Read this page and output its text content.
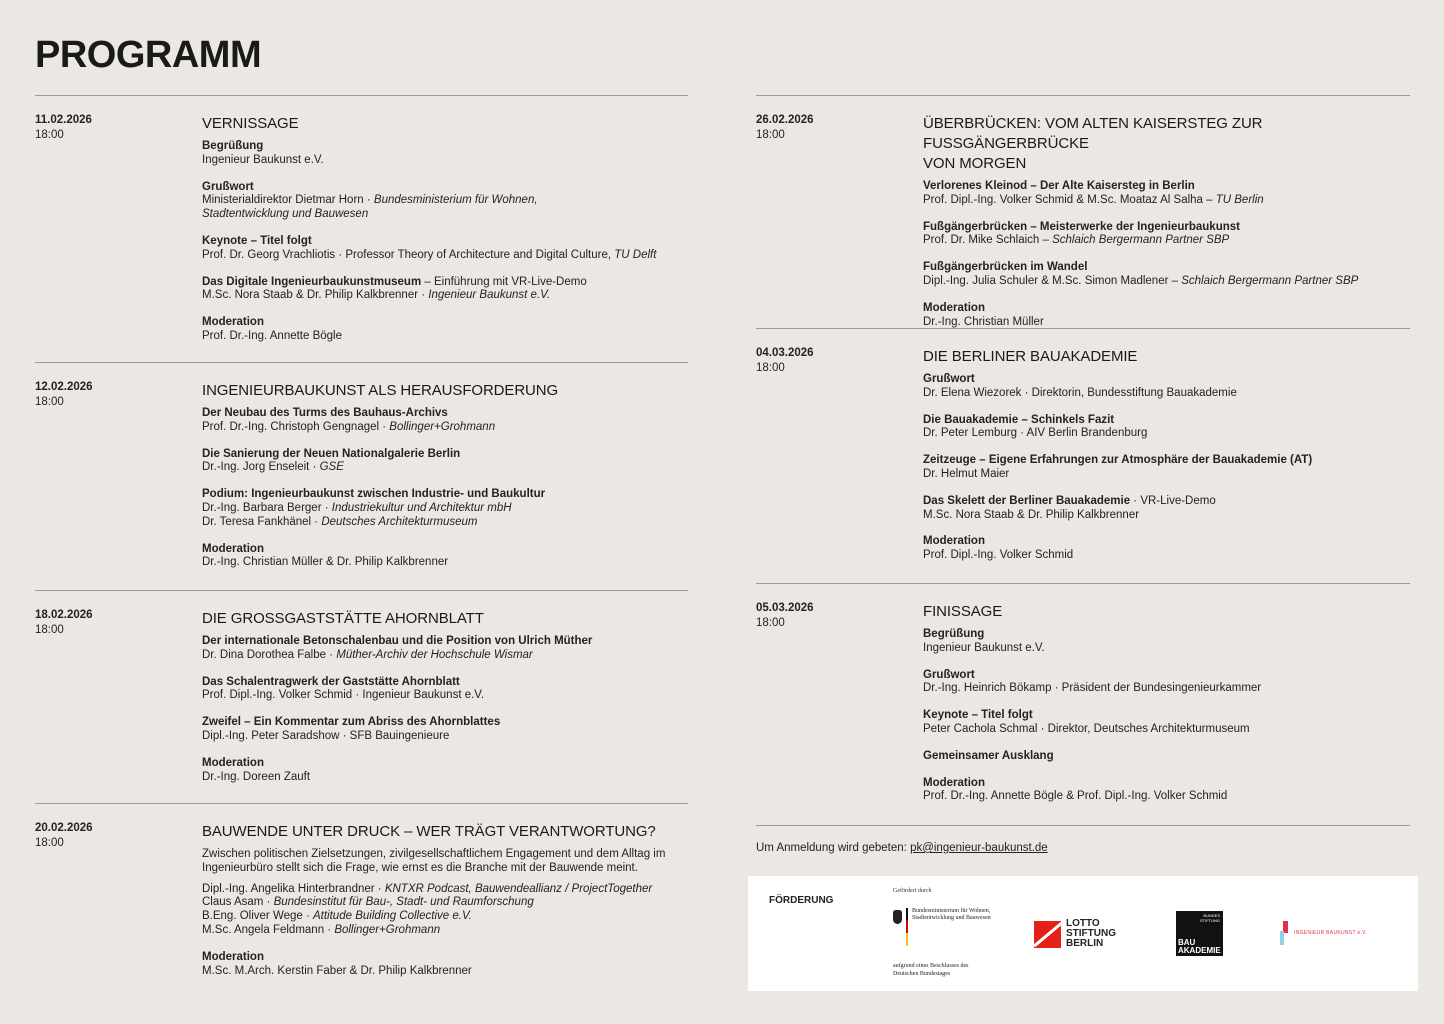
PROGRAMM
11.02.2026
18:00
VERNISSAGE
Begrüßung
Ingenieur Baukunst e.V.
Grußwort
Ministerialdirektor Dietmar Horn · Bundesministerium für Wohnen,
Stadtentwicklung und Bauwesen
Keynote – Titel folgt
Prof. Dr. Georg Vrachliotis · Professor Theory of Architecture and Digital Culture, TU Delft
Das Digitale Ingenieurbaukunstmuseum – Einführung mit VR-Live-Demo
M.Sc. Nora Staab & Dr. Philip Kalkbrenner · Ingenieur Baukunst e.V.
Moderation
Prof. Dr.-Ing. Annette Bögle
12.02.2026
18:00
INGENIEURBAUKUNST ALS HERAUSFORDERUNG
Der Neubau des Turms des Bauhaus-Archivs
Prof. Dr.-Ing. Christoph Gengnagel · Bollinger+Grohmann
Die Sanierung der Neuen Nationalgalerie Berlin
Dr.-Ing. Jorg Enseleit · GSE
Podium: Ingenieurbaukunst zwischen Industrie- und Baukultur
Dr.-Ing. Barbara Berger · Industriekultur und Architektur mbH
Dr. Teresa Fankhänel · Deutsches Architekturmuseum
Moderation
Dr.-Ing. Christian Müller & Dr. Philip Kalkbrenner
18.02.2026
18:00
DIE GROSSGASTSTÄTTE AHORNBLATT
Der internationale Betonschalenbau und die Position von Ulrich Müther
Dr. Dina Dorothea Falbe · Müther-Archiv der Hochschule Wismar
Das Schalentragwerk der Gaststätte Ahornblatt
Prof. Dipl.-Ing. Volker Schmid · Ingenieur Baukunst e.V.
Zweifel – Ein Kommentar zum Abriss des Ahornblattes
Dipl.-Ing. Peter Saradshow · SFB Bauingenieure
Moderation
Dr.-Ing. Doreen Zauft
20.02.2026
18:00
BAUWENDE UNTER DRUCK – WER TRÄGT VERANTWORTUNG?
Zwischen politischen Zielsetzungen, zivilgesellschaftlichem Engagement und dem Alltag im Ingenieurbüro stellt sich die Frage, wie ernst es die Branche mit der Bauwende meint.
Dipl.-Ing. Angelika Hinterbrandner · KNTXR Podcast, Bauwendeallianz / ProjectTogether
Claus Asam · Bundesinstitut für Bau-, Stadt- und Raumforschung
B.Eng. Oliver Wege · Attitude Building Collective e.V.
M.Sc. Angela Feldmann · Bollinger+Grohmann
Moderation
M.Sc. M.Arch. Kerstin Faber & Dr. Philip Kalkbrenner
26.02.2026
18:00
ÜBERBRÜCKEN: VOM ALTEN KAISERSTEG ZUR FUSSGÄNGERBRÜCKE
VON MORGEN
Verlorenes Kleinod – Der Alte Kaisersteg in Berlin
Prof. Dipl.-Ing. Volker Schmid & M.Sc. Moataz Al Salha – TU Berlin
Fußgängerbrücken – Meisterwerke der Ingenieurbaukunst
Prof. Dr. Mike Schlaich – Schlaich Bergermann Partner SBP
Fußgängerbrücken im Wandel
Dipl.-Ing. Julia Schuler & M.Sc. Simon Madlener – Schlaich Bergermann Partner SBP
Moderation
Dr.-Ing. Christian Müller
04.03.2026
18:00
DIE BERLINER BAUAKADEMIE
Grußwort
Dr. Elena Wiezorek · Direktorin, Bundesstiftung Bauakademie
Die Bauakademie – Schinkels Fazit
Dr. Peter Lemburg · AIV Berlin Brandenburg
Zeitzeuge – Eigene Erfahrungen zur Atmosphäre der Bauakademie (AT)
Dr. Helmut Maier
Das Skelett der Berliner Bauakademie · VR-Live-Demo
M.Sc. Nora Staab & Dr. Philip Kalkbrenner
Moderation
Prof. Dipl.-Ing. Volker Schmid
05.03.2026
18:00
FINISSAGE
Begrüßung
Ingenieur Baukunst e.V.
Grußwort
Dr.-Ing. Heinrich Bökamp · Präsident der Bundesingenieurkammer
Keynote – Titel folgt
Peter Cachola Schmal · Direktor, Deutsches Architekturmuseum
Gemeinsamer Ausklang
Moderation
Prof. Dr.-Ing. Annette Bögle & Prof. Dipl.-Ing. Volker Schmid
Um Anmeldung wird gebeten: pk@ingenieur-baukunst.de
FÖRDERUNG
Gefördert durch
Bundesministerium für Wohnen, Stadtentwicklung und Bauwesen
aufgrund eines Beschlusses des Deutschen Bundestages
LOTTO STIFTUNG BERLIN
BUNDES STIFTUNG
BAU AKADEMIE
INGENIEUR BAUKUNST e.V.
